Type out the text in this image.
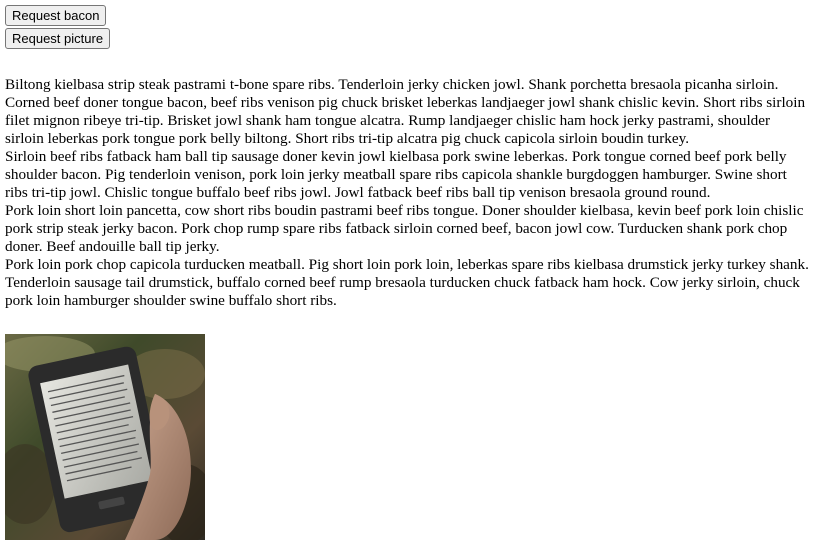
Request bacon
Request picture

Biltong kielbasa strip steak pastrami t-bone spare ribs. Tenderloin jerky chicken jowl. Shank porchetta bresaola picanha sirloin. Corned beef doner tongue bacon, beef ribs venison pig chuck brisket leberkas landjaeger jowl shank chislic kevin. Short ribs sirloin filet mignon ribeye tri-tip. Brisket jowl shank ham tongue alcatra. Rump landjaeger chislic ham hock jerky pastrami, shoulder sirloin leberkas pork tongue pork belly biltong. Short ribs tri-tip alcatra pig chuck capicola sirloin boudin turkey.

Sirloin beef ribs fatback ham ball tip sausage doner kevin jowl kielbasa pork swine leberkas. Pork tongue corned beef pork belly shoulder bacon. Pig tenderloin venison, pork loin jerky meatball spare ribs capicola shankle burgdoggen hamburger. Swine short ribs tri-tip jowl. Chislic tongue buffalo beef ribs jowl. Jowl fatback beef ribs ball tip venison bresaola ground round.

Pork loin short loin pancetta, cow short ribs boudin pastrami beef ribs tongue. Doner shoulder kielbasa, kevin beef pork loin chislic pork strip steak jerky bacon. Pork chop rump spare ribs fatback sirloin corned beef, bacon jowl cow. Turducken shank pork chop doner. Beef andouille ball tip jerky.

Pork loin pork chop capicola turducken meatball. Pig short loin pork loin, leberkas spare ribs kielbasa drumstick jerky turkey shank. Tenderloin sausage tail drumstick, buffalo corned beef rump bresaola turducken chuck fatback ham hock. Cow jerky sirloin, chuck pork loin hamburger shoulder swine buffalo short ribs.
